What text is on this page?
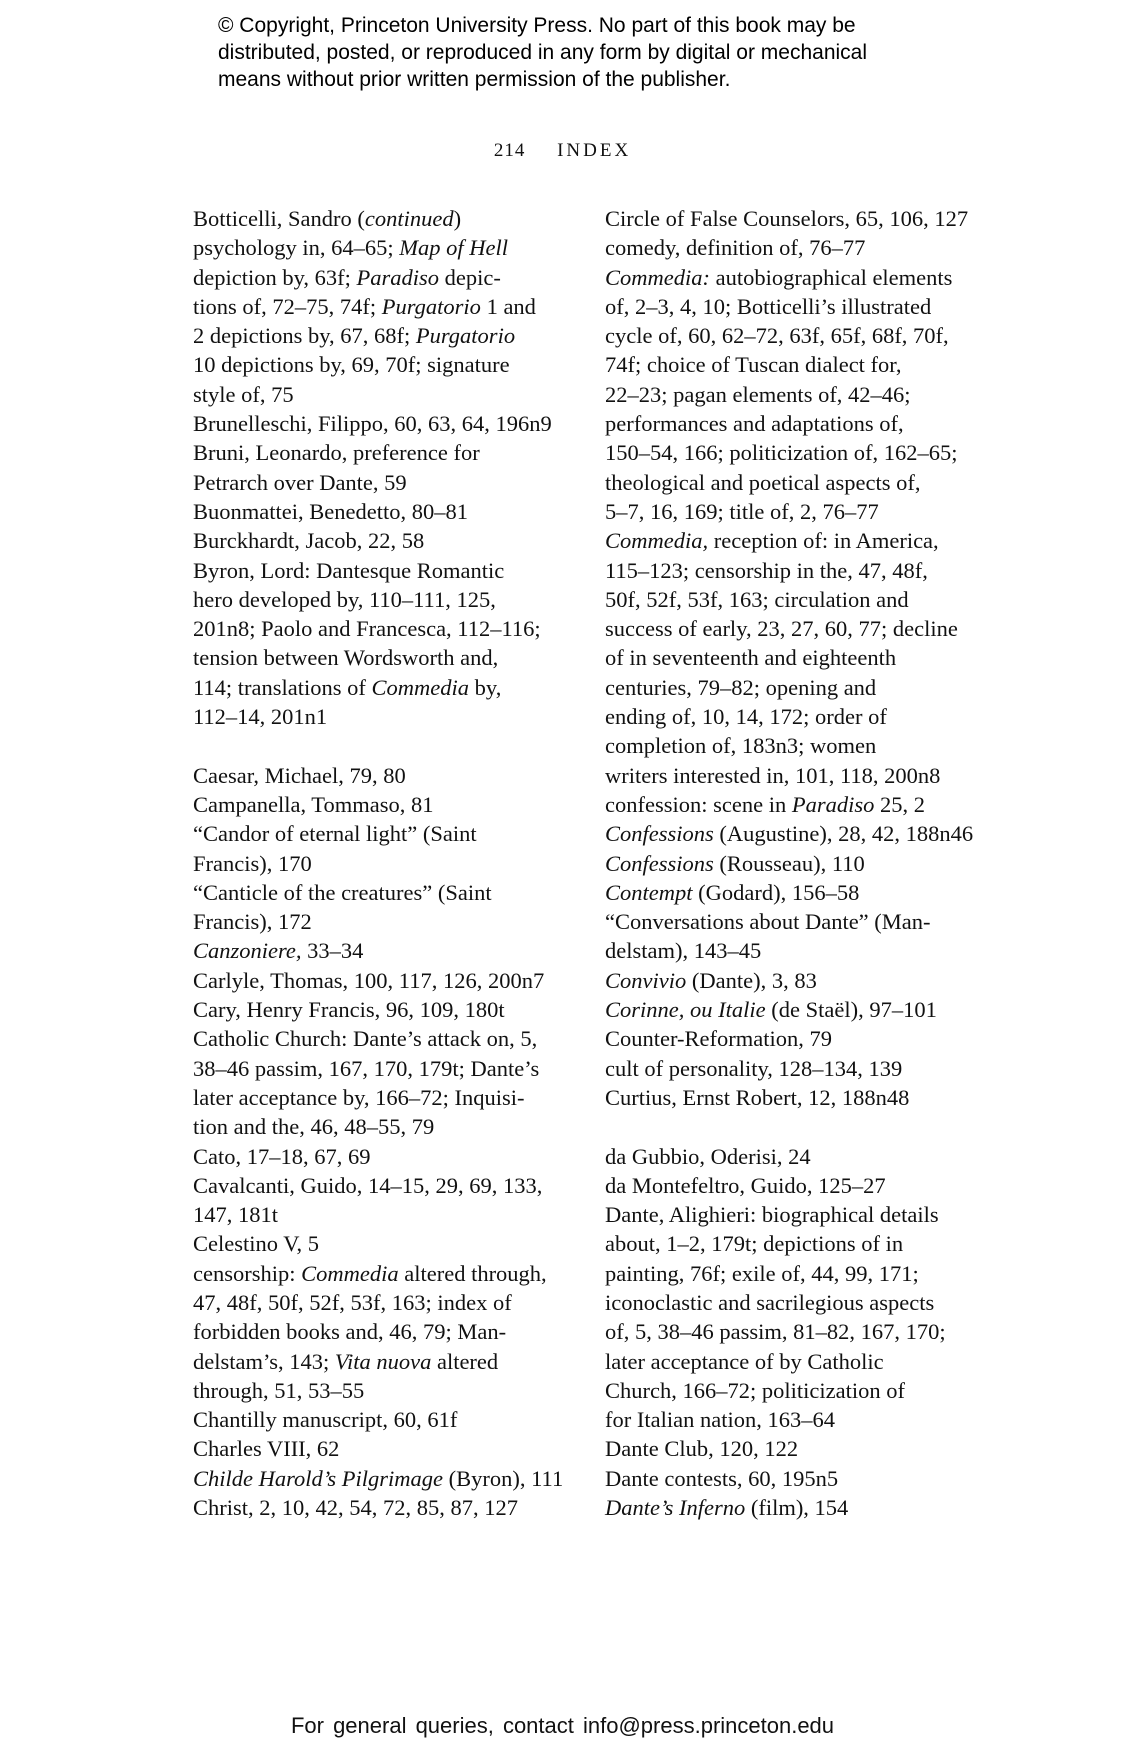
© Copyright, Princeton University Press. No part of this book may be
distributed, posted, or reproduced in any form by digital or mechanical
means without prior written permission of the publisher.
214 INDEX
Botticelli, Sandro (continued)
psychology in, 64–65; Map of Hell
depiction by, 63f; Paradiso depic-
tions of, 72–75, 74f; Purgatorio 1 and
2 depictions by, 67, 68f; Purgatorio
10 depictions by, 69, 70f; signature
style of, 75
Brunelleschi, Filippo, 60, 63, 64, 196n9
Bruni, Leonardo, preference for
Petrarch over Dante, 59
Buonmattei, Benedetto, 80–81
Burckhardt, Jacob, 22, 58
Byron, Lord: Dantesque Romantic
hero developed by, 110–111, 125,
201n8; Paolo and Francesca, 112–116;
tension between Wordsworth and,
114; translations of Commedia by,
112–14, 201n1
Caesar, Michael, 79, 80
Campanella, Tommaso, 81
“Candor of eternal light” (Saint
Francis), 170
“Canticle of the creatures” (Saint
Francis), 172
Canzoniere, 33–34
Carlyle, Thomas, 100, 117, 126, 200n7
Cary, Henry Francis, 96, 109, 180t
Catholic Church: Dante’s attack on, 5,
38–46 passim, 167, 170, 179t; Dante’s
later acceptance by, 166–72; Inquisi-
tion and the, 46, 48–55, 79
Cato, 17–18, 67, 69
Cavalcanti, Guido, 14–15, 29, 69, 133,
147, 181t
Celestino V, 5
censorship: Commedia altered through,
47, 48f, 50f, 52f, 53f, 163; index of
forbidden books and, 46, 79; Man-
delstam’s, 143; Vita nuova altered
through, 51, 53–55
Chantilly manuscript, 60, 61f
Charles VIII, 62
Childe Harold’s Pilgrimage (Byron), 111
Christ, 2, 10, 42, 54, 72, 85, 87, 127
Circle of False Counselors, 65, 106, 127
comedy, definition of, 76–77
Commedia: autobiographical elements
of, 2–3, 4, 10; Botticelli’s illustrated
cycle of, 60, 62–72, 63f, 65f, 68f, 70f,
74f; choice of Tuscan dialect for,
22–23; pagan elements of, 42–46;
performances and adaptations of,
150–54, 166; politicization of, 162–65;
theological and poetical aspects of,
5–7, 16, 169; title of, 2, 76–77
Commedia, reception of: in America,
115–123; censorship in the, 47, 48f,
50f, 52f, 53f, 163; circulation and
success of early, 23, 27, 60, 77; decline
of in seventeenth and eighteenth
centuries, 79–82; opening and
ending of, 10, 14, 172; order of
completion of, 183n3; women
writers interested in, 101, 118, 200n8
confession: scene in Paradiso 25, 2
Confessions (Augustine), 28, 42, 188n46
Confessions (Rousseau), 110
Contempt (Godard), 156–58
“Conversations about Dante” (Man-
delstam), 143–45
Convivio (Dante), 3, 83
Corinne, ou Italie (de Staël), 97–101
Counter-Reformation, 79
cult of personality, 128–134, 139
Curtius, Ernst Robert, 12, 188n48
da Gubbio, Oderisi, 24
da Montefeltro, Guido, 125–27
Dante, Alighieri: biographical details
about, 1–2, 179t; depictions of in
painting, 76f; exile of, 44, 99, 171;
iconoclastic and sacrilegious aspects
of, 5, 38–46 passim, 81–82, 167, 170;
later acceptance of by Catholic
Church, 166–72; politicization of
for Italian nation, 163–64
Dante Club, 120, 122
Dante contests, 60, 195n5
Dante’s Inferno (film), 154
For general queries, contact info@press.princeton.edu
